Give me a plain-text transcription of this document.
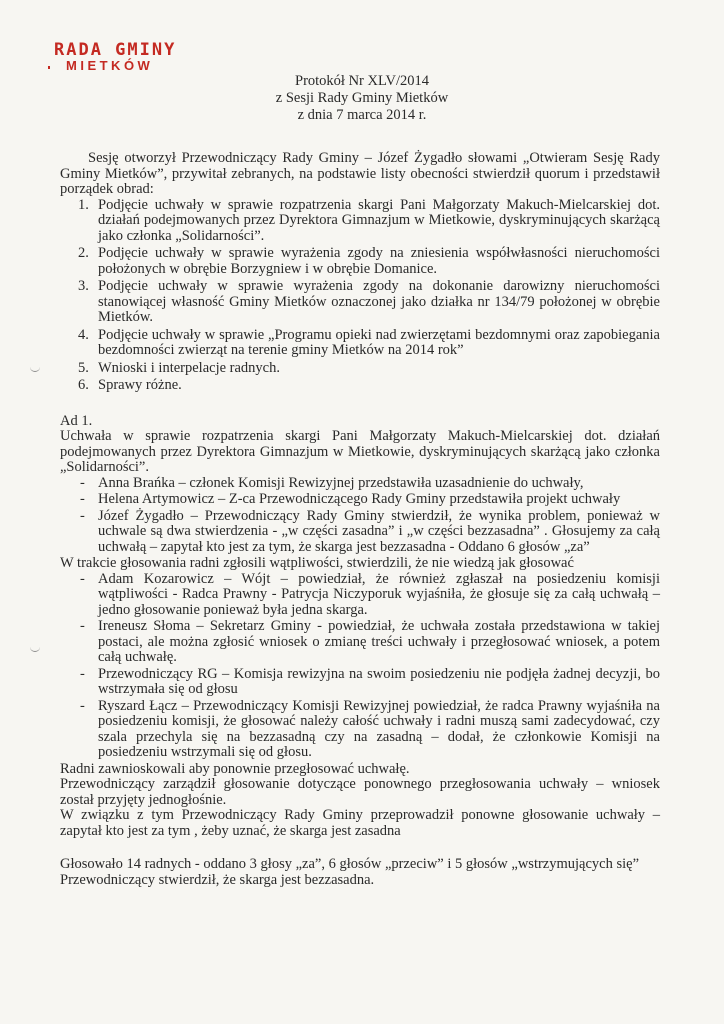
RADA GMINY
MIETKÓW
Protokół Nr XLV/2014
z Sesji Rady Gminy Mietków
z dnia 7 marca 2014 r.

Sesję otworzył Przewodniczący Rady Gminy – Józef Żygadło słowami „Otwieram Sesję Rady Gminy Mietków”, przywitał zebranych, na podstawie listy obecności stwierdził quorum i przedstawił porządek obrad:

1. Podjęcie uchwały w sprawie rozpatrzenia skargi Pani Małgorzaty Makuch-Mielcarskiej dot. działań podejmowanych przez Dyrektora Gimnazjum w Mietkowie, dyskryminujących skarżącą jako członka „Solidarności”.
2. Podjęcie uchwały w sprawie wyrażenia zgody na zniesienia współwłasności nieruchomości położonych w obrębie Borzygniew i w obrębie Domanice.
3. Podjęcie uchwały w sprawie wyrażenia zgody na dokonanie darowizny nieruchomości stanowiącej własność Gminy Mietków oznaczonej jako działka nr 134/79 położonej w obrębie Mietków.
4. Podjęcie uchwały w sprawie „Programu opieki nad zwierzętami bezdomnymi oraz zapobiegania bezdomności zwierząt na terenie gminy Mietków na 2014 rok”
5. Wnioski i interpelacje radnych.
6. Sprawy różne.

Ad 1.

Uchwała w sprawie rozpatrzenia skargi Pani Małgorzaty Makuch-Mielcarskiej dot. działań podejmowanych przez Dyrektora Gimnazjum w Mietkowie, dyskryminujących skarżącą jako członka „Solidarności”.

- Anna Brańka – członek Komisji Rewizyjnej przedstawiła uzasadnienie do uchwały,
- Helena Artymowicz – Z-ca Przewodniczącego Rady Gminy przedstawiła projekt uchwały
- Józef Żygadło – Przewodniczący Rady Gminy stwierdził, że wynika problem, ponieważ w uchwale są dwa stwierdzenia - „w części zasadna” i „w części bezzasadna” . Głosujemy za całą uchwałą – zapytał kto jest za tym, że skarga jest bezzasadna - Oddano 6 głosów „za”

W trakcie głosowania radni zgłosili wątpliwości, stwierdzili, że nie wiedzą jak głosować

- Adam Kozarowicz – Wójt – powiedział, że również zgłaszał na posiedzeniu komisji wątpliwości - Radca Prawny - Patrycja Niczyporuk wyjaśniła, że głosuje się za całą uchwałą – jedno głosowanie ponieważ była jedna skarga.
- Ireneusz Słoma – Sekretarz Gminy - powiedział, że uchwała została przedstawiona w takiej postaci, ale można zgłosić wniosek o zmianę treści uchwały i przegłosować wniosek, a potem całą uchwałę.
- Przewodniczący RG – Komisja rewizyjna na swoim posiedzeniu nie podjęła żadnej decyzji, bo wstrzymała się od głosu
- Ryszard Łącz – Przewodniczący Komisji Rewizyjnej powiedział, że radca Prawny wyjaśniła na posiedzeniu komisji, że głosować należy całość uchwały i radni muszą sami zadecydować, czy szala przechyla się na bezzasadną czy na zasadną – dodał, że członkowie Komisji na posiedzeniu wstrzymali się od głosu.

Radni zawnioskowali aby ponownie przegłosować uchwałę.

Przewodniczący zarządził głosowanie dotyczące ponownego przegłosowania uchwały – wniosek został przyjęty jednogłośnie.

W związku z tym Przewodniczący Rady Gminy przeprowadził ponowne głosowanie uchwały – zapytał kto jest za tym , żeby uznać, że skarga jest zasadna

Głosowało 14 radnych - oddano 3 głosy „za”, 6 głosów „przeciw” i 5 głosów „wstrzymujących się”

Przewodniczący stwierdził, że skarga jest bezzasadna.
